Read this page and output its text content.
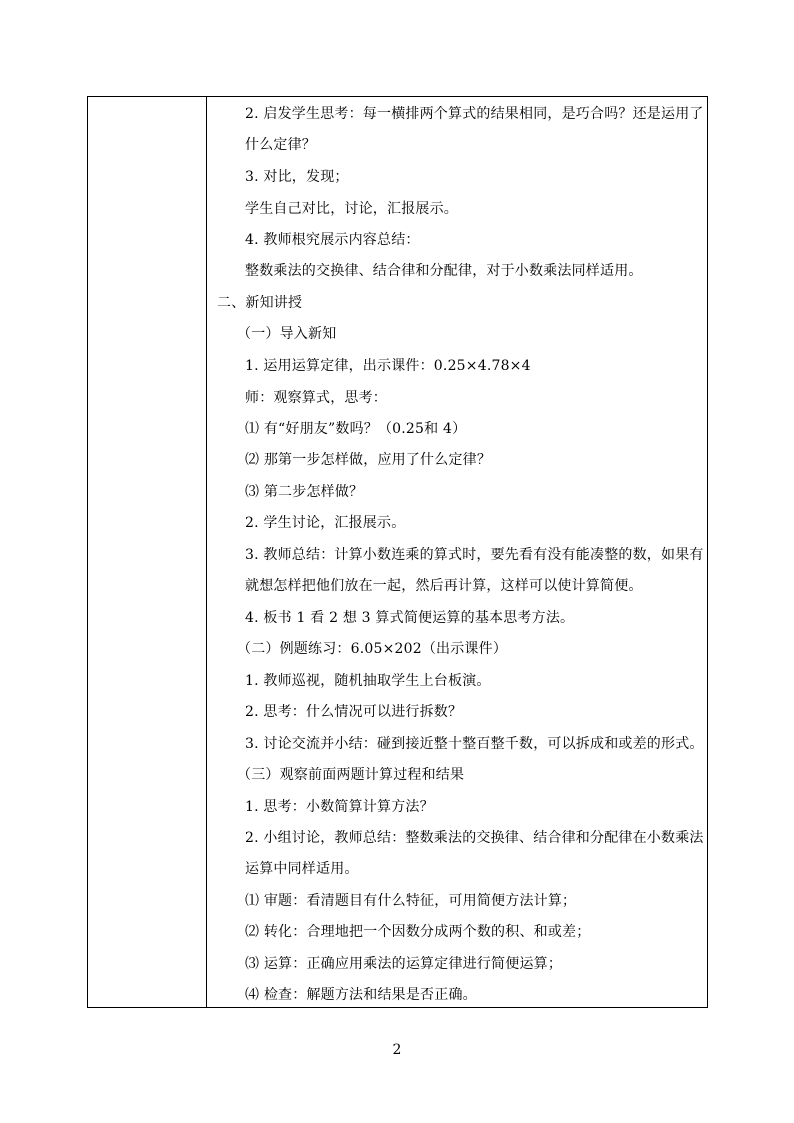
2. 启发学生思考：每一横排两个算式的结果相同，是巧合吗？还是运用了
什么定律？
3. 对比，发现；
学生自己对比，讨论，汇报展示。
4. 教师根究展示内容总结：
整数乘法的交换律、结合律和分配律，对于小数乘法同样适用。
二、新知讲授
（一）导入新知
1. 运用运算定律，出示课件：0.25×4.78×4
师：观察算式，思考：
⑴ 有“好朋友”数吗？（0.25和 4）
⑵ 那第一步怎样做，应用了什么定律？
⑶ 第二步怎样做？
2. 学生讨论，汇报展示。
3. 教师总结：计算小数连乘的算式时，要先看有没有能凑整的数，如果有
就想怎样把他们放在一起，然后再计算，这样可以使计算简便。
4. 板书 1 看 2 想 3 算式简便运算的基本思考方法。
（二）例题练习：6.05×202（出示课件）
1. 教师巡视，随机抽取学生上台板演。
2. 思考：什么情况可以进行拆数？
3. 讨论交流并小结：碰到接近整十整百整千数，可以拆成和或差的形式。
（三）观察前面两题计算过程和结果
1. 思考：小数简算计算方法？
2. 小组讨论，教师总结：整数乘法的交换律、结合律和分配律在小数乘法
运算中同样适用。
⑴ 审题：看清题目有什么特征，可用简便方法计算；
⑵ 转化：合理地把一个因数分成两个数的积、和或差；
⑶ 运算：正确应用乘法的运算定律进行简便运算；
⑷ 检查：解题方法和结果是否正确。
2
